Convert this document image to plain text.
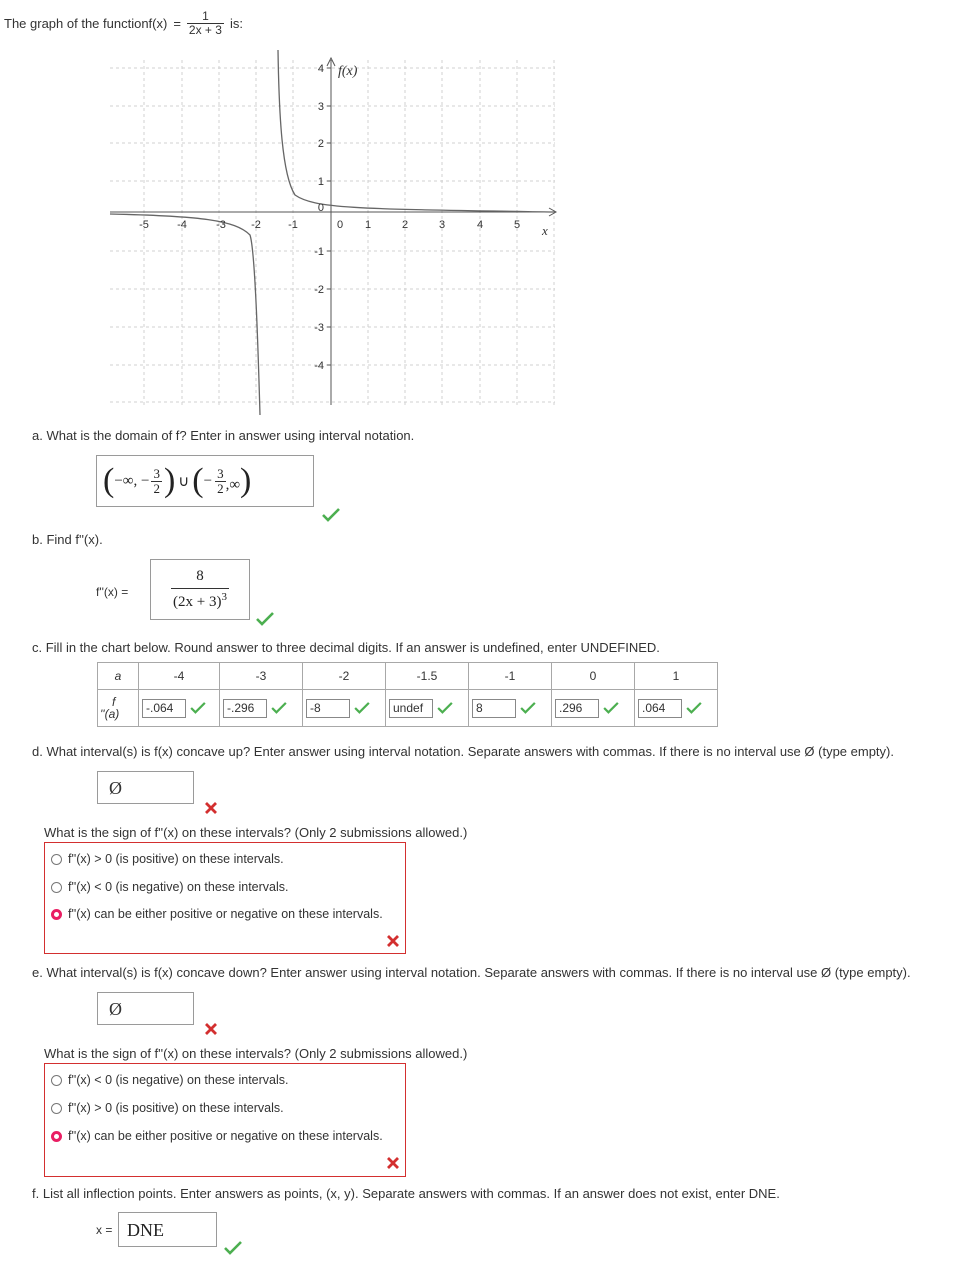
The graph of the function $f(x) = \frac{1}{2x + 3}$ is:
-5	-4	-3 -2 -1	0 1	2	3	4	5
4
3
2
1
0
-1
-2
-3
-4
f(x)
x
a. What is the domain of f? Enter in answer using interval notation.
( −∞, − $\frac{3}{2}$ ) ∪ ( − $\frac{3}{2}$ ,∞ )
b. Find f''(x).
f''(x) =	$\frac{8}{(2x + 3)^3}$
c. Fill in the chart below. Round answer to three decimal digits. If an answer is undefined, enter UNDEFINED.
a	-4	-3	-2	-1.5	-1	0	1
f
''(a)	-.064	-.296	-8	undef	8	.296	.064
d. What interval(s) is f(x) concave up? Enter answer using interval notation. Separate answers with commas. If there is no interval use Ø (type empty).
Ø
What is the sign of f''(x) on these intervals? (Only 2 submissions allowed.)
f''(x) > 0 (is positive) on these intervals.
f''(x) < 0 (is negative) on these intervals.
f''(x) can be either positive or negative on these intervals.
e. What interval(s) is f(x) concave down? Enter answer using interval notation. Separate answers with commas. If there is no interval use Ø (type empty).
Ø
What is the sign of f''(x) on these intervals? (Only 2 submissions allowed.)
f''(x) < 0 (is negative) on these intervals.
f''(x) > 0 (is positive) on these intervals.
f''(x) can be either positive or negative on these intervals.
f. List all inflection points. Enter answers as points, (x, y). Separate answers with commas. If an answer does not exist, enter DNE.
x = DNE
